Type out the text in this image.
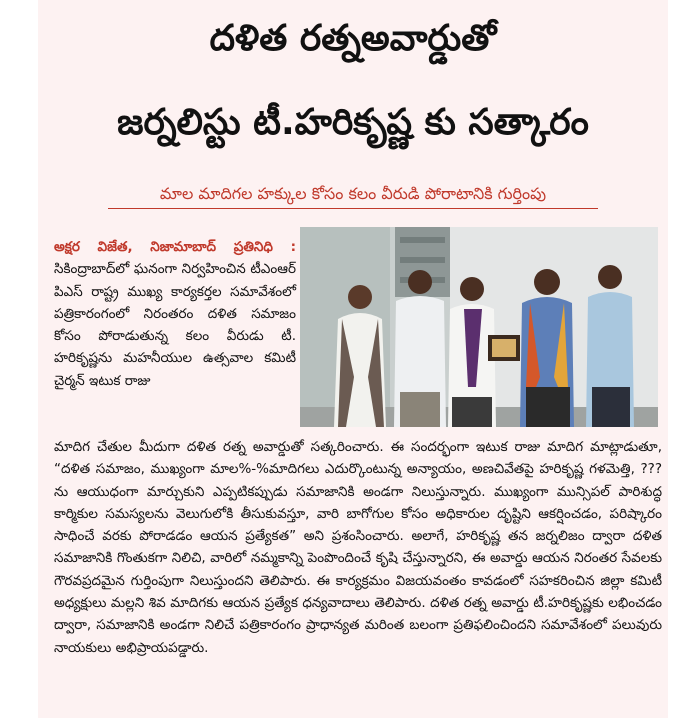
దళిత రత్నఅవార్డుతో
జర్నలిస్టు టీ.హరికృష్ణ కు సత్కారం
మాల మాదిగల హక్కుల కోసం కలం వీరుడి పోరాటానికి గుర్తింపు
అక్షర విజేత, నిజామాబాద్ ప్రతినిధి : సికింద్రాబాద్‌లో ఘనంగా నిర్వహించిన టీఎంఆర్ పిఎస్ రాష్ట్ర ముఖ్య కార్యకర్తల సమావేశంలో పత్రికారంగంలో నిరంతరం దళిత సమాజం కోసం పోరాడుతున్న కలం వీరుడు టీ. హరికృష్ణను మహనీయుల ఉత్సవాల కమిటీ చైర్మన్ ఇటుక రాజు
మాదిగ చేతుల మీదుగా దళిత రత్న అవార్డుతో సత్కరించారు. ఈ సందర్భంగా ఇటుక రాజు మాదిగ మాట్లాడుతూ, “దళిత సమాజం, ముఖ్యంగా మాల%-%మాదిగలు ఎదుర్కొంటున్న అన్యాయం, అణచివేతపై హరికృష్ణ గళమెత్తి, ???ను ఆయుధంగా మార్చుకుని ఎప్పటికప్పుడు సమాజానికి అండగా నిలుస్తున్నారు. ముఖ్యంగా మున్సిపల్ పారిశుద్ధ కార్మికుల సమస్యలను వెలుగులోకి తీసుకువస్తూ, వారి బాగోగుల కోసం అధికారుల దృష్టిని ఆకర్షించడం, పరిష్కారం సాధించే వరకు పోరాడడం ఆయన ప్రత్యేకత” అని ప్రశంసించారు. అలాగే, హరికృష్ణ తన జర్నలిజం ద్వారా దళిత సమాజానికి గొంతుకగా నిలిచి, వారిలో నమ్మకాన్ని పెంపొందించే కృషి చేస్తున్నారని, ఈ అవార్డు ఆయన నిరంతర సేవలకు గౌరవప్రదమైన గుర్తింపుగా నిలుస్తుందని తెలిపారు. ఈ కార్యక్రమం విజయవంతం కావడంలో సహకరించిన జిల్లా కమిటీ అధ్యక్షులు మల్లని శివ మాదిగకు ఆయన ప్రత్యేక ధన్యవాదాలు తెలిపారు. దళిత రత్న అవార్డు టీ.హరికృష్ణకు లభించడం ద్వారా, సమాజానికి అండగా నిలిచే పత్రికారంగం ప్రాధాన్యత మరింత బలంగా ప్రతిఫలించిందని సమావేశంలో పలువురు నాయకులు అభిప్రాయపడ్డారు.
